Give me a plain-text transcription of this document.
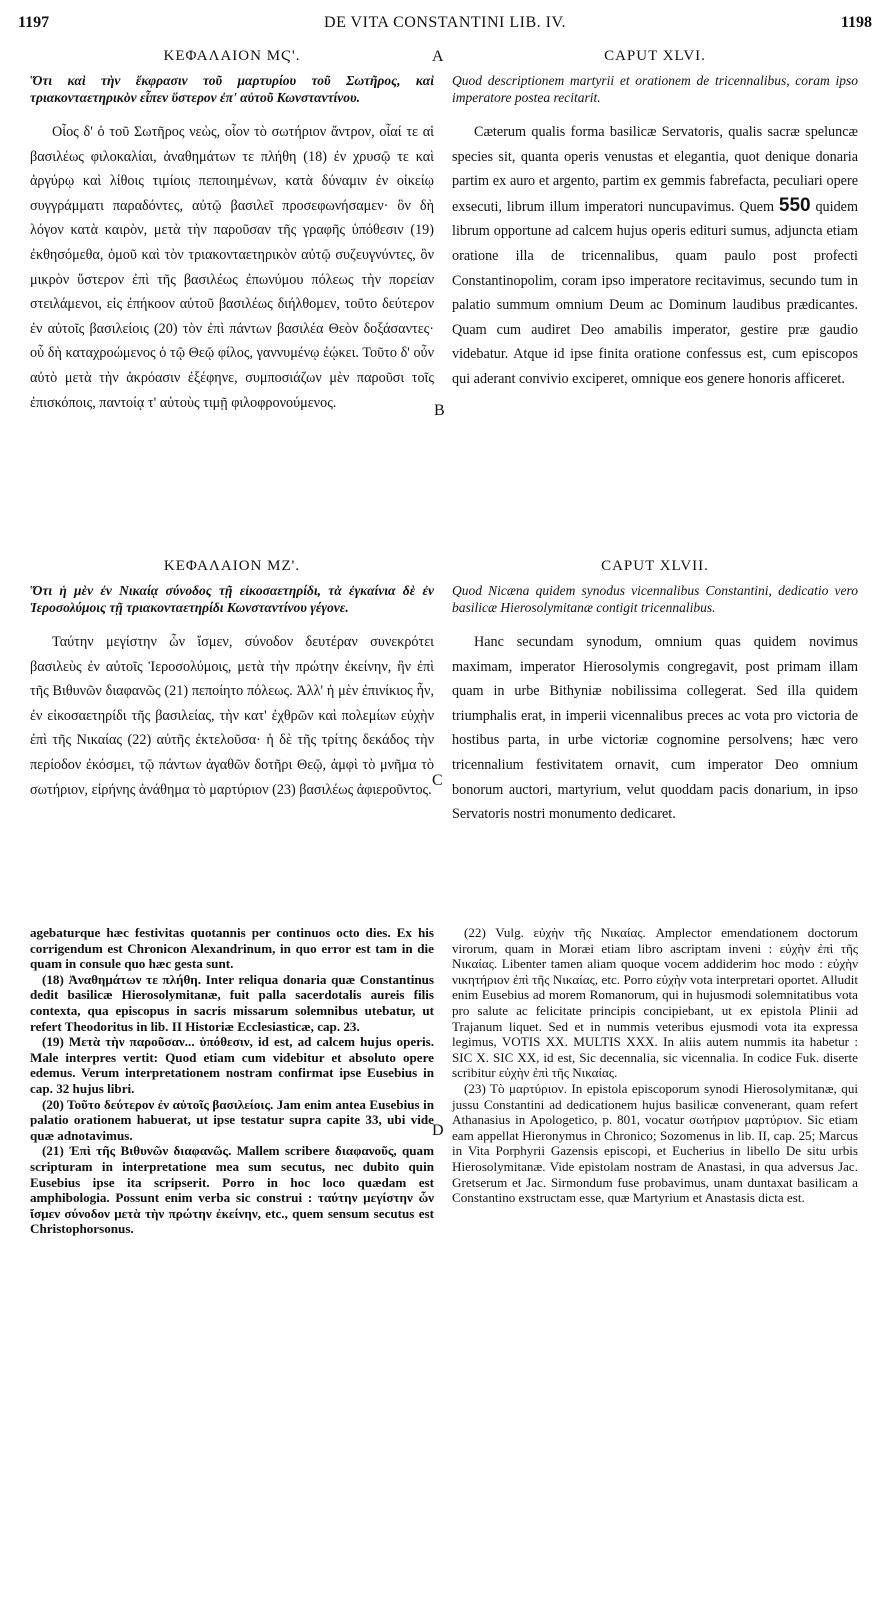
1197	DE VITA CONSTANTINI LIB. IV.	1198
A
B
C
D
ΚΕΦΑΛΑΙΟΝ ΜϚ'.
Ὅτι καὶ τὴν ἔκφρασιν τοῦ μαρτυρίου τοῦ Σωτῆρος, καὶ τριακονταετηρικὸν εἶπεν ὕστερον ἐπ' αὐτοῦ Κωνσταντίνου.
Οἷος δ' ὁ τοῦ Σωτῆρος νεὼς, οἷον τὸ σωτήριον ἄντρον, οἷαί τε αἱ βασιλέως φιλοκαλίαι, ἀναθημάτων τε πλήθη (18) ἐν χρυσῷ τε καὶ ἀργύρῳ καὶ λίθοις τιμίοις πεποιημένων, κατὰ δύναμιν ἐν οἰκείῳ συγγράμματι παραδόντες, αὐτῷ βασιλεῖ προσεφωνήσαμεν· ὃν δὴ λόγον κατὰ καιρὸν, μετὰ τὴν παροῦσαν τῆς γραφῆς ὑπόθεσιν (19) ἐκθησόμεθα, ὁμοῦ καὶ τὸν τριακονταετηρικὸν αὐτῷ συζευγνύντες, ὃν μικρὸν ὕστερον ἐπὶ τῆς βασιλέως ἐπωνύμου πόλεως τὴν πορείαν στειλάμενοι, εἰς ἐπήκοον αὐτοῦ βασιλέως διήλθομεν, τοῦτο δεύτερον ἐν αὐτοῖς βασιλείοις (20) τὸν ἐπὶ πάντων βασιλέα Θεὸν δοξάσαντες· οὗ δὴ καταχροώμενος ὁ τῷ Θεῷ φίλος, γαννυμένῳ ἐῴκει. Τοῦτο δ' οὖν αὐτὸ μετὰ τὴν ἀκρόασιν ἐξέφηνε, συμποσιάζων μὲν παροῦσι τοῖς ἐπισκόποις, παντοίᾳ τ' αὐτοὺς τιμῇ φιλοφρονούμενος.
CAPUT XLVI.
Quod descriptionem martyrii et orationem de tricennalibus, coram ipso imperatore postea recitarit.
Cæterum qualis forma basilicæ Servatoris, qualis sacræ speluncæ species sit, quanta operis venustas et elegantia, quot denique donaria partim ex auro et argento, partim ex gemmis fabrefacta, peculiari opere exsecuti, librum illum imperatori nuncupavimus. Quem 550 quidem librum opportune ad calcem hujus operis edituri sumus, adjuncta etiam oratione illa de tricennalibus, quam paulo post profecti Constantinopolim, coram ipso imperatore recitavimus, secundo tum in palatio summum omnium Deum ac Dominum laudibus prædicantes. Quam cum audiret Deo amabilis imperator, gestire præ gaudio videbatur. Atque id ipse finita oratione confessus est, cum episcopos qui aderant convivio exciperet, omnique eos genere honoris afficeret.
ΚΕΦΑΛΑΙΟΝ ΜΖ'.
Ὅτι ἡ μὲν ἐν Νικαίᾳ σύνοδος τῇ εἰκοσαετηρίδι, τὰ ἐγκαίνια δὲ ἐν Ἱεροσολύμοις τῇ τριακονταετηρίδι Κωνσταντίνου γέγονε.
Ταύτην μεγίστην ὧν ἴσμεν, σύνοδον δευτέραν συνεκρότει βασιλεὺς ἐν αὐτοῖς Ἱεροσολύμοις, μετὰ τὴν πρώτην ἐκείνην, ἣν ἐπὶ τῆς Βιθυνῶν διαφανῶς (21) πεποίητο πόλεως. Ἀλλ' ἡ μὲν ἐπινίκιος ἦν, ἐν εἰκοσαετηρίδι τῆς βασιλείας, τὴν κατ' ἐχθρῶν καὶ πολεμίων εὐχὴν ἐπὶ τῆς Νικαίας (22) αὐτῆς ἐκτελοῦσα· ἡ δὲ τῆς τρίτης δεκάδος τὴν περίοδον ἐκόσμει, τῷ πάντων ἀγαθῶν δοτῆρι Θεῷ, ἀμφὶ τὸ μνῆμα τὸ σωτήριον, εἰρήνης ἀνάθημα τὸ μαρτύριον (23) βασιλέως ἀφιεροῦντος.
CAPUT XLVII.
Quod Nicæna quidem synodus vicennalibus Constantini, dedicatio vero basilicæ Hierosolymitanæ contigit tricennalibus.
Hanc secundam synodum, omnium quas quidem novimus maximam, imperator Hierosolymis congregavit, post primam illam quam in urbe Bithyniæ nobilissima collegerat. Sed illa quidem triumphalis erat, in imperii vicennalibus preces ac vota pro victoria de hostibus parta, in urbe victoriæ cognomine persolvens; hæc vero tricennalium festivitatem ornavit, cum imperator Deo omnium bonorum auctori, martyrium, velut quoddam pacis donarium, in ipso Servatoris nostri monumento dedicaret.

agebaturque hæc festivitas quotannis per continuos octo dies. Ex his corrigendum est Chronicon Alexandrinum, in quo error est tam in die quam in consule quo hæc gesta sunt.

(18) Ἀναθημάτων τε πλήθη. Inter reliqua donaria quæ Constantinus dedit basilicæ Hierosolymitanæ, fuit palla sacerdotalis aureis filis contexta, qua episcopus in sacris missarum solemnibus utebatur, ut refert Theodoritus in lib. II Historiæ Ecclesiasticæ, cap. 23.

(19) Μετὰ τὴν παροῦσαν... ὑπόθεσιν, id est, ad calcem hujus operis. Male interpres vertit: Quod etiam cum videbitur et absoluto opere edemus. Verum interpretationem nostram confirmat ipse Eusebius in cap. 32 hujus libri.

(20) Τοῦτο δεύτερον ἐν αὐτοῖς βασιλείοις. Jam enim antea Eusebius in palatio orationem habuerat, ut ipse testatur supra capite 33, ubi vide quæ adnotavimus.

(21) Ἐπὶ τῆς Βιθυνῶν διαφανῶς. Mallem scribere διαφανοῦς, quam scripturam in interpretatione mea sum secutus, nec dubito quin Eusebius ipse ita scripserit. Porro in hoc loco quædam est amphibologia. Possunt enim verba sic construi : ταύτην μεγίστην ὧν ἴσμεν σύνοδον μετὰ τὴν πρώτην ἐκείνην, etc., quem sensum secutus est Christophorsonus.

(22) Vulg. εὐχὴν τῆς Νικαίας. Amplector emendationem doctorum virorum, quam in Moræi etiam libro ascriptam inveni : εὐχὴν ἐπὶ τῆς Νικαίας. Libenter tamen aliam quoque vocem addiderim hoc modo : εὐχὴν νικητήριον ἐπὶ τῆς Νικαίας, etc. Porro εὐχὴν vota interpretari oportet. Alludit enim Eusebius ad morem Romanorum, qui in hujusmodi solemnitatibus vota pro salute ac felicitate principis concipiebant, ut ex epistola Plinii ad Trajanum liquet. Sed et in nummis veteribus ejusmodi vota ita expressa legimus, VOTIS XX. MULTIS XXX. In aliis autem nummis ita habetur : SIC X. SIC XX, id est, Sic decennalia, sic vicennalia. In codice Fuk. diserte scribitur εὐχὴν ἐπὶ τῆς Νικαίας.

(23) Τὸ μαρτύριον. In epistola episcoporum synodi Hierosolymitanæ, qui jussu Constantini ad dedicationem hujus basilicæ convenerant, quam refert Athanasius in Apologetico, p. 801, vocatur σωτήριον μαρτύριον. Sic etiam eam appellat Hieronymus in Chronico; Sozomenus in lib. II, cap. 25; Marcus in Vita Porphyrii Gazensis episcopi, et Eucherius in libello De situ urbis Hierosolymitanæ. Vide epistolam nostram de Anastasi, in qua adversus Jac. Gretserum et Jac. Sirmondum fuse probavimus, unam duntaxat basilicam a Constantino exstructam esse, quæ Martyrium et Anastasis dicta est.
